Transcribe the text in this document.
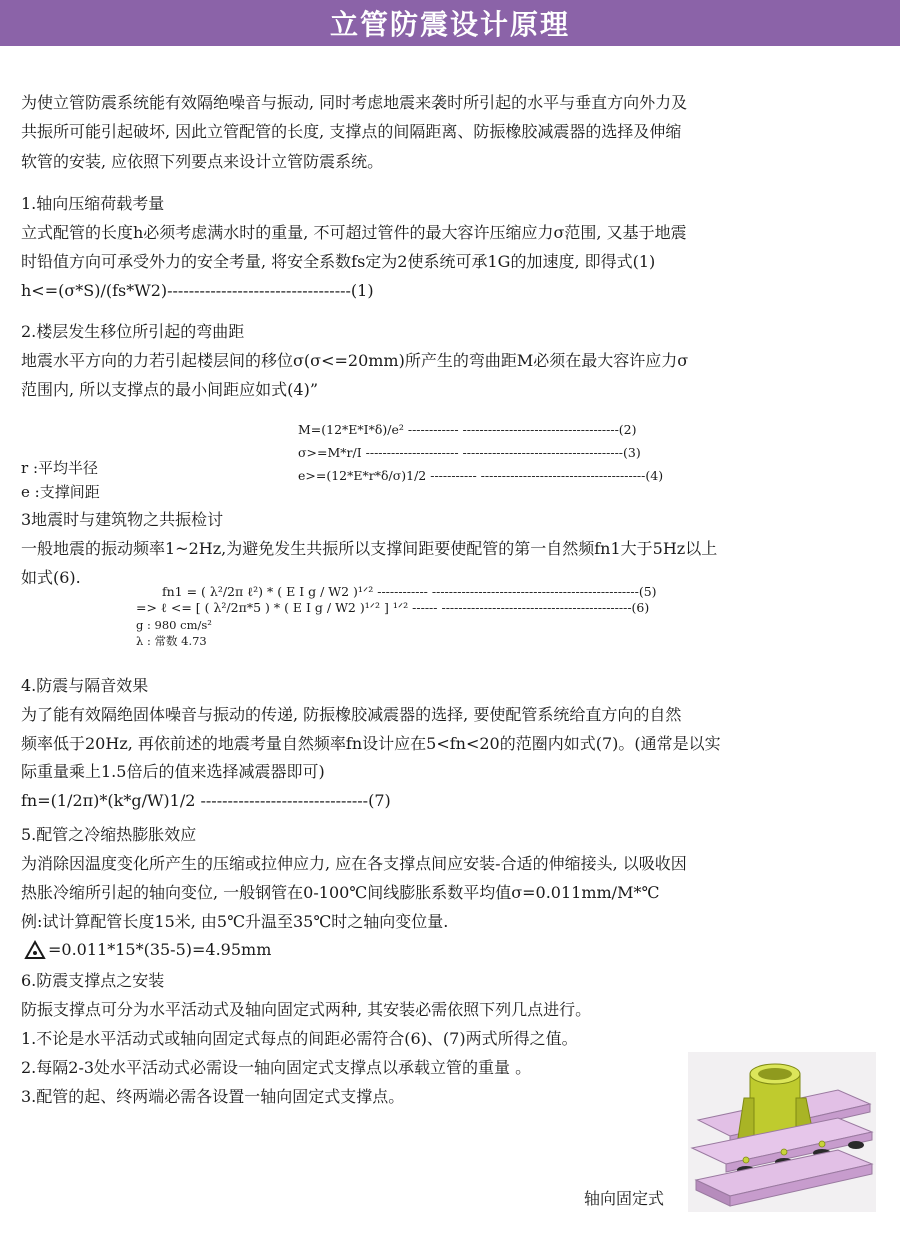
立管防震设计原理
为使立管防震系统能有效隔绝噪音与振动, 同时考虑地震来袭时所引起的水平与垂直方向外力及
共振所可能引起破坏, 因此立管配管的长度, 支撑点的间隔距离、防振橡胶减震器的选择及伸缩
软管的安装, 应依照下列要点来设计立管防震系统。
1.轴向压缩荷载考量
立式配管的长度h必须考虑满水时的重量, 不可超过管件的最大容许压缩应力σ范围, 又基于地震
时铅值方向可承受外力的安全考量, 将安全系数fs定为2使系统可承1G的加速度, 即得式(1)
h<=(σ*S)/(fs*W2)----------------------------------(1)
2.楼层发生移位所引起的弯曲距
地震水平方向的力若引起楼层间的移位σ(σ<=20mm)所产生的弯曲距M必须在最大容许应力σ
范围内, 所以支撑点的最小间距应如式(4)”
M=(12*E*I*δ)/e² ------------ -------------------------------------(2)
σ>=M*r/I ---------------------- --------------------------------------(3)
e>=(12*E*r*δ/σ)1/2 ----------- ---------------------------------------(4)
r :平均半径
e :支撑间距
3地震时与建筑物之共振检讨
一般地震的振动频率1~2Hz,为避免发生共振所以支撑间距要使配管的第一自然频fn1大于5Hz以上
如式(6).
fn1 = ( λ²/2π ℓ²) * ( E I g / W2 )¹ᐟ² ------------ -------------------------------------------------(5)
=> ℓ <= [ ( λ²/2π*5 ) * ( E I g / W2 )¹ᐟ² ] ¹ᐟ² ------ ---------------------------------------------(6)
g : 980 cm/s²
λ : 常数 4.73
4.防震与隔音效果
为了能有效隔绝固体噪音与振动的传递, 防振橡胶减震器的选择, 要使配管系统给直方向的自然
频率低于20Hz, 再依前述的地震考量自然频率fn设计应在5<fn<20的范圈内如式(7)。(通常是以实
际重量乘上1.5倍后的值来选择减震器即可)
fn=(1/2π)*(k*g/W)1/2 -------------------------------(7)
5.配管之冷缩热膨胀效应
为消除因温度变化所产生的压缩或拉伸应力, 应在各支撑点间应安装-合适的伸缩接头, 以吸收因
热胀冷缩所引起的轴向变位, 一般钢管在0-100℃间线膨胀系数平均值σ=0.011mm/M*℃
例:试计算配管长度15米, 由5℃升温至35℃时之轴向变位量.
=0.011*15*(35-5)=4.95mm
6.防震支撑点之安装
防振支撑点可分为水平活动式及轴向固定式两种, 其安装必需依照下列几点进行。
1.不论是水平活动式或轴向固定式每点的间距必需符合(6)、(7)两式所得之值。
2.每隔2-3处水平活动式必需设一轴向固定式支撑点以承载立管的重量 。
3.配管的起、终两端必需各设置一轴向固定式支撑点。
轴向固定式
